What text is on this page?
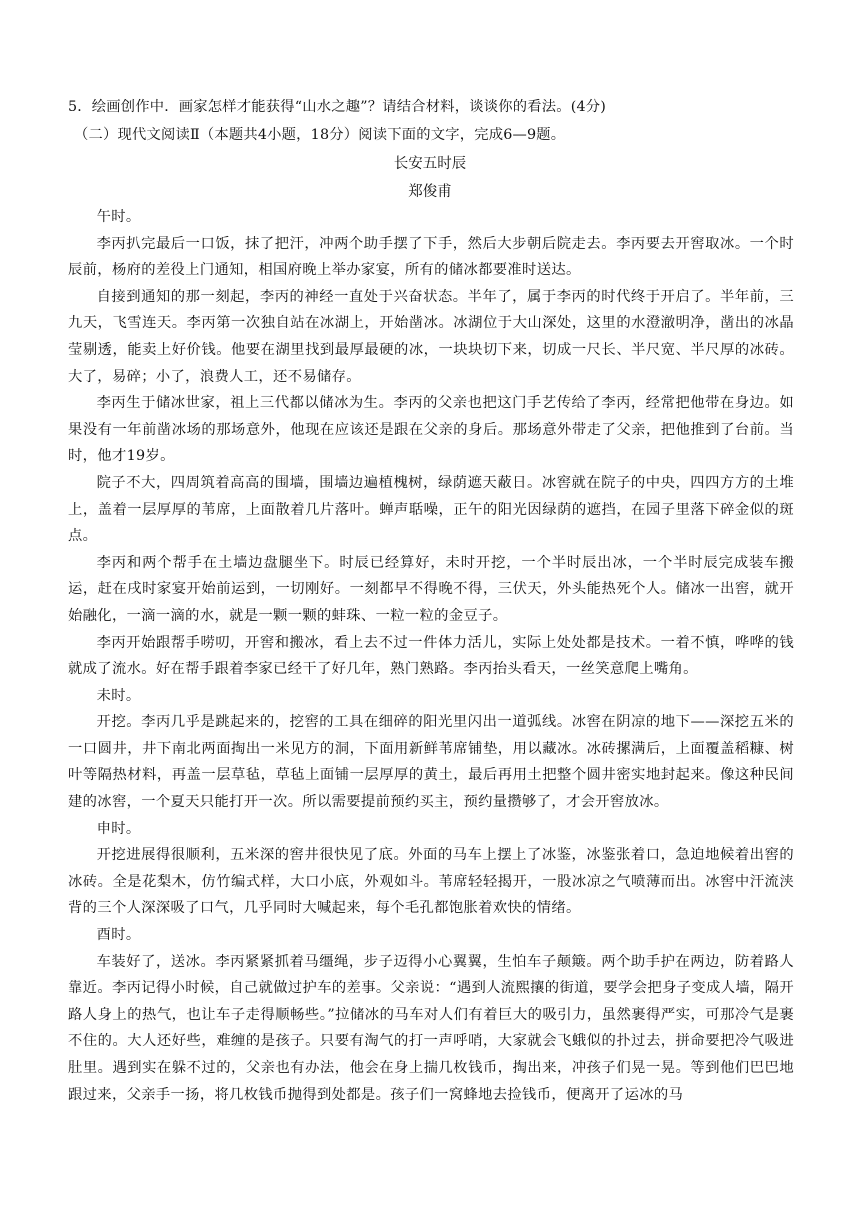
5．绘画创作中．画家怎样才能获得“山水之趣”？请结合材料，谈谈你的看法。(4分)
（二）现代文阅读Ⅱ（本题共4小题，18分）阅读下面的文字，完成6—9题。
长安五时辰
郑俊甫

午时。

李丙扒完最后一口饭，抹了把汗，冲两个助手摆了下手，然后大步朝后院走去。李丙要去开窖取冰。一个时辰前，杨府的差役上门通知，相国府晚上举办家宴，所有的储冰都要准时送达。

自接到通知的那一刻起，李丙的神经一直处于兴奋状态。半年了，属于李丙的时代终于开启了。半年前，三九天，飞雪连天。李丙第一次独自站在冰湖上，开始凿冰。冰湖位于大山深处，这里的水澄澈明净，凿出的冰晶莹剔透，能卖上好价钱。他要在湖里找到最厚最硬的冰，一块块切下来，切成一尺长、半尺宽、半尺厚的冰砖。大了，易碎；小了，浪费人工，还不易储存。

李丙生于储冰世家，祖上三代都以储冰为生。李丙的父亲也把这门手艺传给了李丙，经常把他带在身边。如果没有一年前凿冰场的那场意外，他现在应该还是跟在父亲的身后。那场意外带走了父亲，把他推到了台前。当时，他才19岁。

院子不大，四周筑着高高的围墙，围墙边遍植槐树，绿荫遮天蔽日。冰窖就在院子的中央，四四方方的土堆上，盖着一层厚厚的苇席，上面散着几片落叶。蝉声聒噪，正午的阳光因绿荫的遮挡，在园子里落下碎金似的斑点。

李丙和两个帮手在土墙边盘腿坐下。时辰已经算好，未时开挖，一个半时辰出冰，一个半时辰完成装车搬运，赶在戌时家宴开始前运到，一切刚好。一刻都早不得晚不得，三伏天，外头能热死个人。储冰一出窖，就开始融化，一滴一滴的水，就是一颗一颗的蚌珠、一粒一粒的金豆子。

李丙开始跟帮手唠叨，开窖和搬冰，看上去不过一件体力活儿，实际上处处都是技术。一着不慎，哗哗的钱就成了流水。好在帮手跟着李家已经干了好几年，熟门熟路。李丙抬头看天，一丝笑意爬上嘴角。

未时。

开挖。李丙几乎是跳起来的，挖窖的工具在细碎的阳光里闪出一道弧线。冰窖在阴凉的地下——深挖五米的一口圆井，井下南北两面掏出一米见方的洞，下面用新鲜苇席铺垫，用以藏冰。冰砖摞满后，上面覆盖稻糠、树叶等隔热材料，再盖一层草毡，草毡上面铺一层厚厚的黄土，最后再用土把整个圆井密实地封起来。像这种民间建的冰窖，一个夏天只能打开一次。所以需要提前预约买主，预约量攒够了，才会开窖放冰。

申时。

开挖进展得很顺利，五米深的窖井很快见了底。外面的马车上摆上了冰鉴，冰鉴张着口，急迫地候着出窖的冰砖。全是花梨木，仿竹编式样，大口小底，外观如斗。苇席轻轻揭开，一股冰凉之气喷薄而出。冰窖中汗流浃背的三个人深深吸了口气，几乎同时大喊起来，每个毛孔都饱胀着欢快的情绪。

酉时。

车装好了，送冰。李丙紧紧抓着马缰绳，步子迈得小心翼翼，生怕车子颠簸。两个助手护在两边，防着路人靠近。李丙记得小时候，自己就做过护车的差事。父亲说：“遇到人流熙攘的街道，要学会把身子变成人墙，隔开路人身上的热气，也让车子走得顺畅些。”拉储冰的马车对人们有着巨大的吸引力，虽然裹得严实，可那冷气是裹不住的。大人还好些，难缠的是孩子。只要有淘气的打一声呼哨，大家就会飞蛾似的扑过去，拼命要把冷气吸进肚里。遇到实在躲不过的，父亲也有办法，他会在身上揣几枚钱币，掏出来，冲孩子们晃一晃。等到他们巴巴地跟过来，父亲手一扬，将几枚钱币抛得到处都是。孩子们一窝蜂地去捡钱币，便离开了运冰的马
